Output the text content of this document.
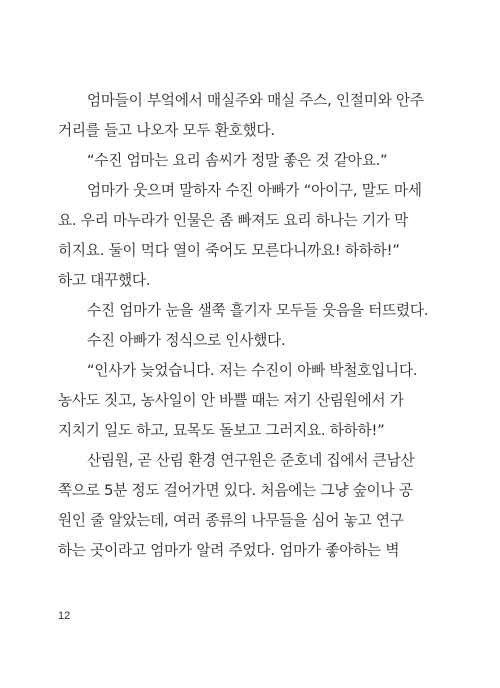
엄마들이 부엌에서 매실주와 매실 주스, 인절미와 안주
거리를 들고 나오자 모두 환호했다.
“수진 엄마는 요리 솜씨가 정말 좋은 것 같아요.”
엄마가 웃으며 말하자 수진 아빠가 “아이구, 말도 마세
요. 우리 마누라가 인물은 좀 빠져도 요리 하나는 기가 막
히지요. 둘이 먹다 열이 죽어도 모른다니까요! 하하하!”
하고 대꾸했다.
수진 엄마가 눈을 샐쭉 흘기자 모두들 웃음을 터뜨렸다.
수진 아빠가 정식으로 인사했다.
“인사가 늦었습니다. 저는 수진이 아빠 박철호입니다.
농사도 짓고, 농사일이 안 바쁠 때는 저기 산림원에서 가
지치기 일도 하고, 묘목도 돌보고 그러지요. 하하하!”
산림원, 곧 산림 환경 연구원은 준호네 집에서 큰남산
쪽으로 5분 정도 걸어가면 있다. 처음에는 그냥 숲이나 공
원인 줄 알았는데, 여러 종류의 나무들을 심어 놓고 연구
하는 곳이라고 엄마가 알려 주었다. 엄마가 좋아하는 벽
12
